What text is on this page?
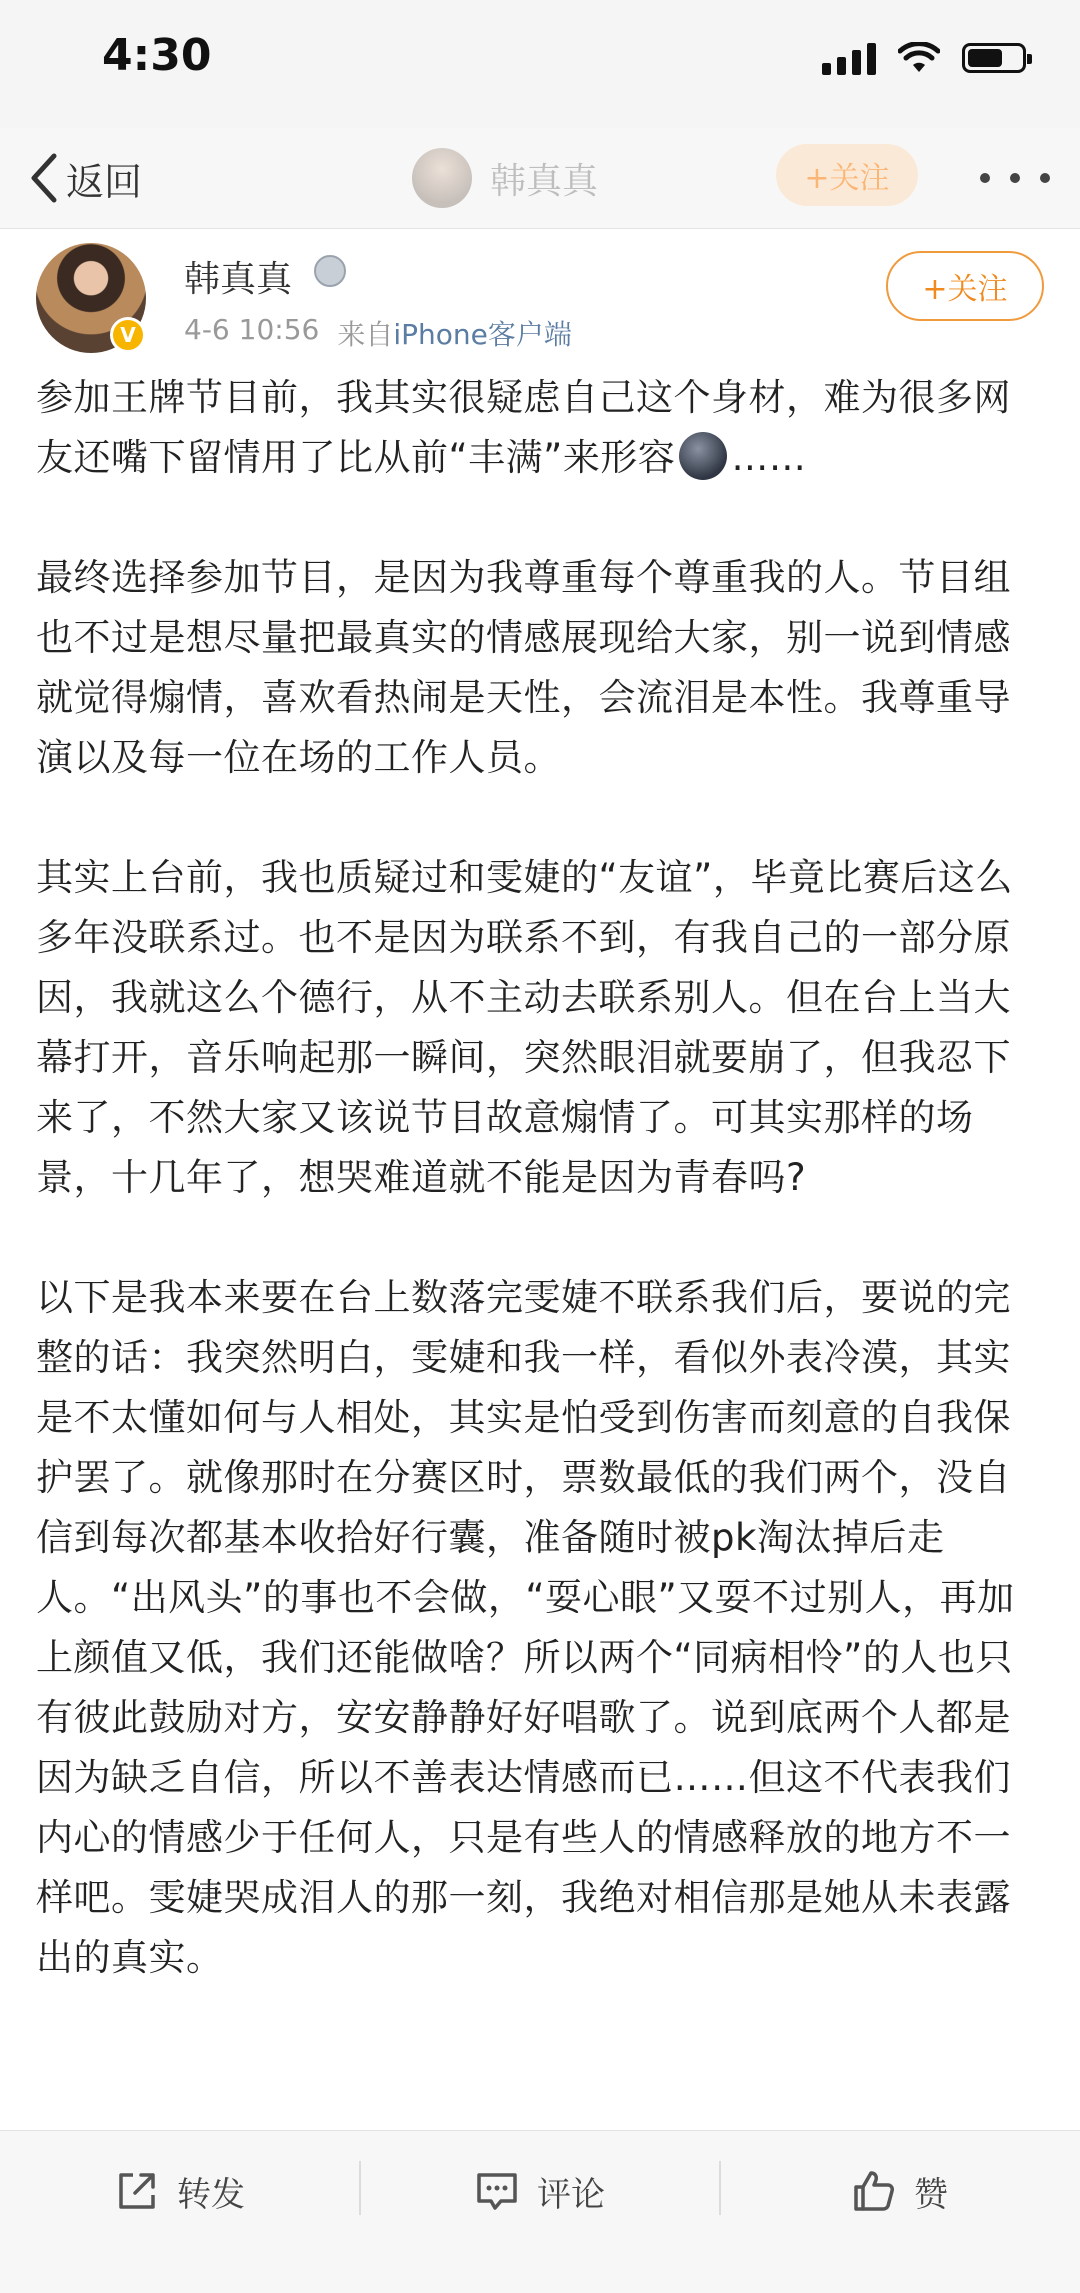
4:30
返回	韩真真	+关注
V
韩真真
4-6 10:56 来自iPhone客户端
+关注

参加王牌节目前，我其实很疑虑自己这个身材，难为很多网友还嘴下留情用了比从前“丰满”来形容 ……

最终选择参加节目，是因为我尊重每个尊重我的人。节目组也不过是想尽量把最真实的情感展现给大家，别一说到情感就觉得煽情，喜欢看热闹是天性，会流泪是本性。我尊重导演以及每一位在场的工作人员。

其实上台前，我也质疑过和雯婕的“友谊”，毕竟比赛后这么多年没联系过。也不是因为联系不到，有我自己的一部分原因，我就这么个德行，从不主动去联系别人。但在台上当大幕打开，音乐响起那一瞬间，突然眼泪就要崩了，但我忍下来了，不然大家又该说节目故意煽情了。可其实那样的场景，十几年了，想哭难道就不能是因为青春吗?

以下是我本来要在台上数落完雯婕不联系我们后，要说的完整的话：我突然明白，雯婕和我一样，看似外表冷漠，其实是不太懂如何与人相处，其实是怕受到伤害而刻意的自我保护罢了。就像那时在分赛区时，票数最低的我们两个，没自信到每次都基本收拾好行囊，准备随时被pk淘汰掉后走人。“出风头”的事也不会做，“耍心眼”又耍不过别人，再加上颜值又低，我们还能做啥？所以两个“同病相怜”的人也只有彼此鼓励对方，安安静静好好唱歌了。说到底两个人都是因为缺乏自信，所以不善表达情感而已……但这不代表我们内心的情感少于任何人，只是有些人的情感释放的地方不一样吧。雯婕哭成泪人的那一刻，我绝对相信那是她从未表露出的真实。

转发	评论	赞
